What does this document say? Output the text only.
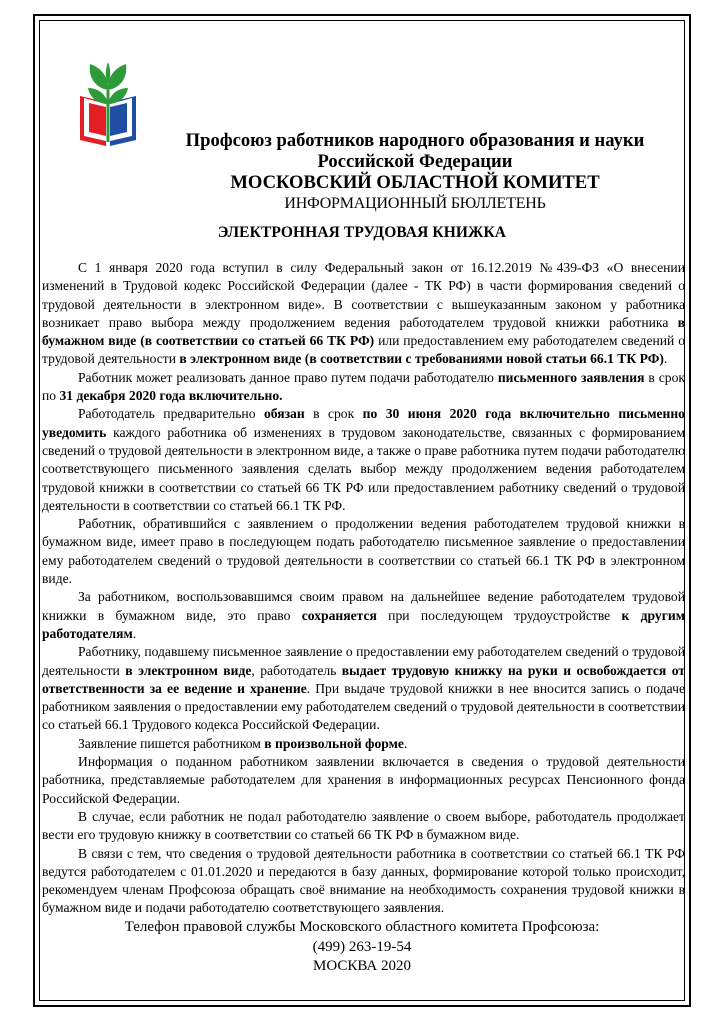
Профсоюз работников народного образования и науки
Российской Федерации
МОСКОВСКИЙ ОБЛАСТНОЙ КОМИТЕТ
ИНФОРМАЦИОННЫЙ БЮЛЛЕТЕНЬ
ЭЛЕКТРОННАЯ ТРУДОВАЯ КНИЖКА

С 1 января 2020 года вступил в силу Федеральный закон от 16.12.2019 №439-ФЗ «О внесении изменений в Трудовой кодекс Российской Федерации (далее - ТК РФ) в части формирования сведений о трудовой деятельности в электронном виде». В соответствии с вышеуказанным законом у работника возникает право выбора между продолжением ведения работодателем трудовой книжки работника в бумажном виде (в соответствии со статьей 66 ТК РФ) или предоставлением ему работодателем сведений о трудовой деятельности в электронном виде (в соответствии с требованиями новой статьи 66.1 ТК РФ).

Работник может реализовать данное право путем подачи работодателю письменного заявления в срок по 31 декабря 2020 года включительно.

Работодатель предварительно обязан в срок по 30 июня 2020 года включительно письменно уведомить каждого работника об изменениях в трудовом законодательстве, связанных с формированием сведений о трудовой деятельности в электронном виде, а также о праве работника путем подачи работодателю соответствующего письменного заявления сделать выбор между продолжением ведения работодателем трудовой книжки в соответствии со статьей 66 ТК РФ или предоставлением работнику сведений о трудовой деятельности в соответствии со статьей 66.1 ТК РФ.

Работник, обратившийся с заявлением о продолжении ведения работодателем трудовой книжки в бумажном виде, имеет право в последующем подать работодателю письменное заявление о предоставлении ему работодателем сведений о трудовой деятельности в соответствии со статьей 66.1 ТК РФ в электронном виде.

За работником, воспользовавшимся своим правом на дальнейшее ведение работодателем трудовой книжки в бумажном виде, это право сохраняется при последующем трудоустройстве к другим работодателям.

Работнику, подавшему письменное заявление о предоставлении ему работодателем сведений о трудовой деятельности в электронном виде, работодатель выдает трудовую книжку на руки и освобождается от ответственности за ее ведение и хранение. При выдаче трудовой книжки в нее вносится запись о подаче работником заявления о предоставлении ему работодателем сведений о трудовой деятельности в соответствии со статьей 66.1 Трудового кодекса Российской Федерации.

Заявление пишется работником в произвольной форме.

Информация о поданном работником заявлении включается в сведения о трудовой деятельности работника, представляемые работодателем для хранения в информационных ресурсах Пенсионного фонда Российской Федерации.

В случае, если работник не подал работодателю заявление о своем выборе, работодатель продолжает вести его трудовую книжку в соответствии со статьей 66 ТК РФ в бумажном виде.

В связи с тем, что сведения о трудовой деятельности работника в соответствии со статьей 66.1 ТК РФ ведутся работодателем с 01.01.2020 и передаются в базу данных, формирование которой только происходит, рекомендуем членам Профсоюза обращать своё внимание на необходимость сохранения трудовой книжки в бумажном виде и подачи работодателю соответствующего заявления.

Телефон правовой службы Московского областного комитета Профсоюза:
(499) 263-19-54
МОСКВА 2020
